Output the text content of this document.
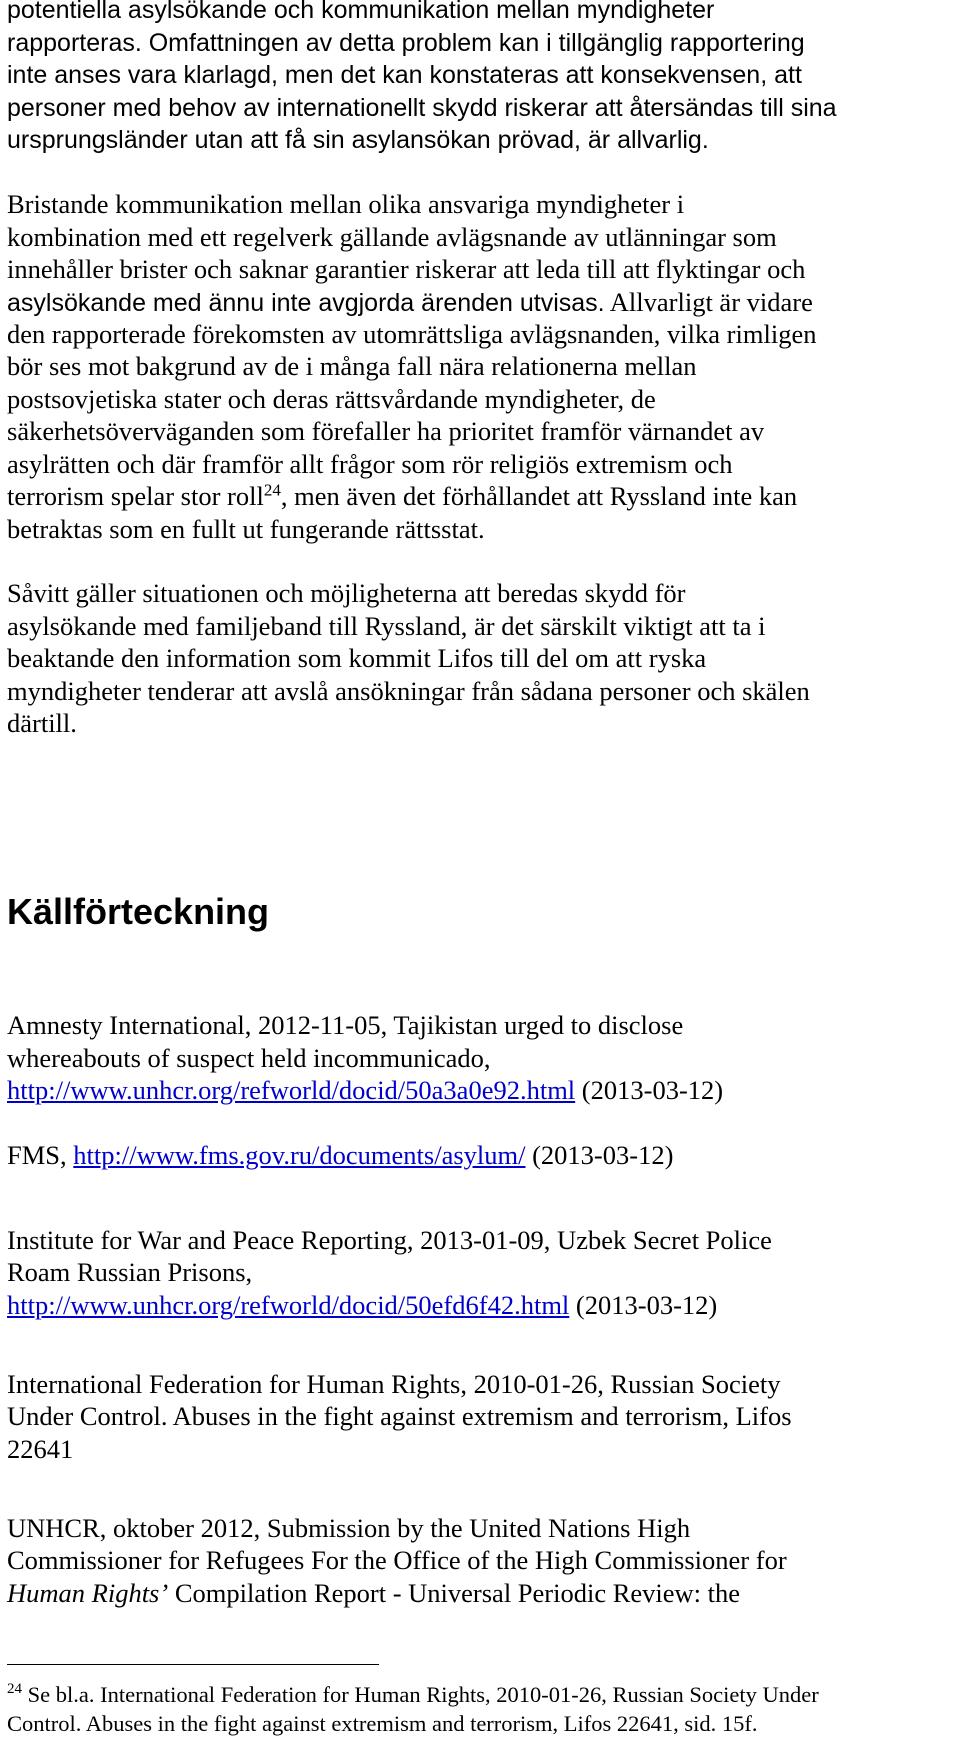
potentiella asylsökande och kommunikation mellan myndigheter

rapporteras. Omfattningen av detta problem kan i tillgänglig rapportering

inte anses vara klarlagd, men det kan konstateras att konsekvensen, att

personer med behov av internationellt skydd riskerar att återsändas till sina

ursprungsländer utan att få sin asylansökan prövad, är allvarlig.

Bristande kommunikation mellan olika ansvariga myndigheter i

kombination med ett regelverk gällande avlägsnande av utlänningar som

innehåller brister och saknar garantier riskerar att leda till att flyktingar och

asylsökande med ännu inte avgjorda ärenden utvisas. Allvarligt är vidare

den rapporterade förekomsten av utomrättsliga avlägsnanden, vilka rimligen

bör ses mot bakgrund av de i många fall nära relationerna mellan

postsovjetiska stater och deras rättsvårdande myndigheter, de

säkerhetsöverväganden som förefaller ha prioritet framför värnandet av

asylrätten och där framför allt frågor som rör religiös extremism och

terrorism spelar stor roll$^{24}$, men även det förhållandet att Ryssland inte kan

betraktas som en fullt ut fungerande rättsstat.

Såvitt gäller situationen och möjligheterna att beredas skydd för

asylsökande med familjeband till Ryssland, är det särskilt viktigt att ta i

beaktande den information som kommit Lifos till del om att ryska

myndigheter tenderar att avslå ansökningar från sådana personer och skälen

därtill.

Källförteckning

Amnesty International, 2012-11-05, Tajikistan urged to disclose

whereabouts of suspect held incommunicado,

http://www.unhcr.org/refworld/docid/50a3a0e92.html (2013-03-12)

FMS, http://www.fms.gov.ru/documents/asylum/ (2013-03-12)

Institute for War and Peace Reporting, 2013-01-09, Uzbek Secret Police

Roam Russian Prisons,

http://www.unhcr.org/refworld/docid/50efd6f42.html (2013-03-12)

International Federation for Human Rights, 2010-01-26, Russian Society

Under Control. Abuses in the fight against extremism and terrorism, Lifos

22641

UNHCR, oktober 2012, Submission by the United Nations High

Commissioner for Refugees For the Office of the High Commissioner for

Human Rights’ Compilation Report - Universal Periodic Review: the

$^{24}$ Se bl.a. International Federation for Human Rights, 2010-01-26, Russian Society Under

Control. Abuses in the fight against extremism and terrorism, Lifos 22641, sid. 15f.
